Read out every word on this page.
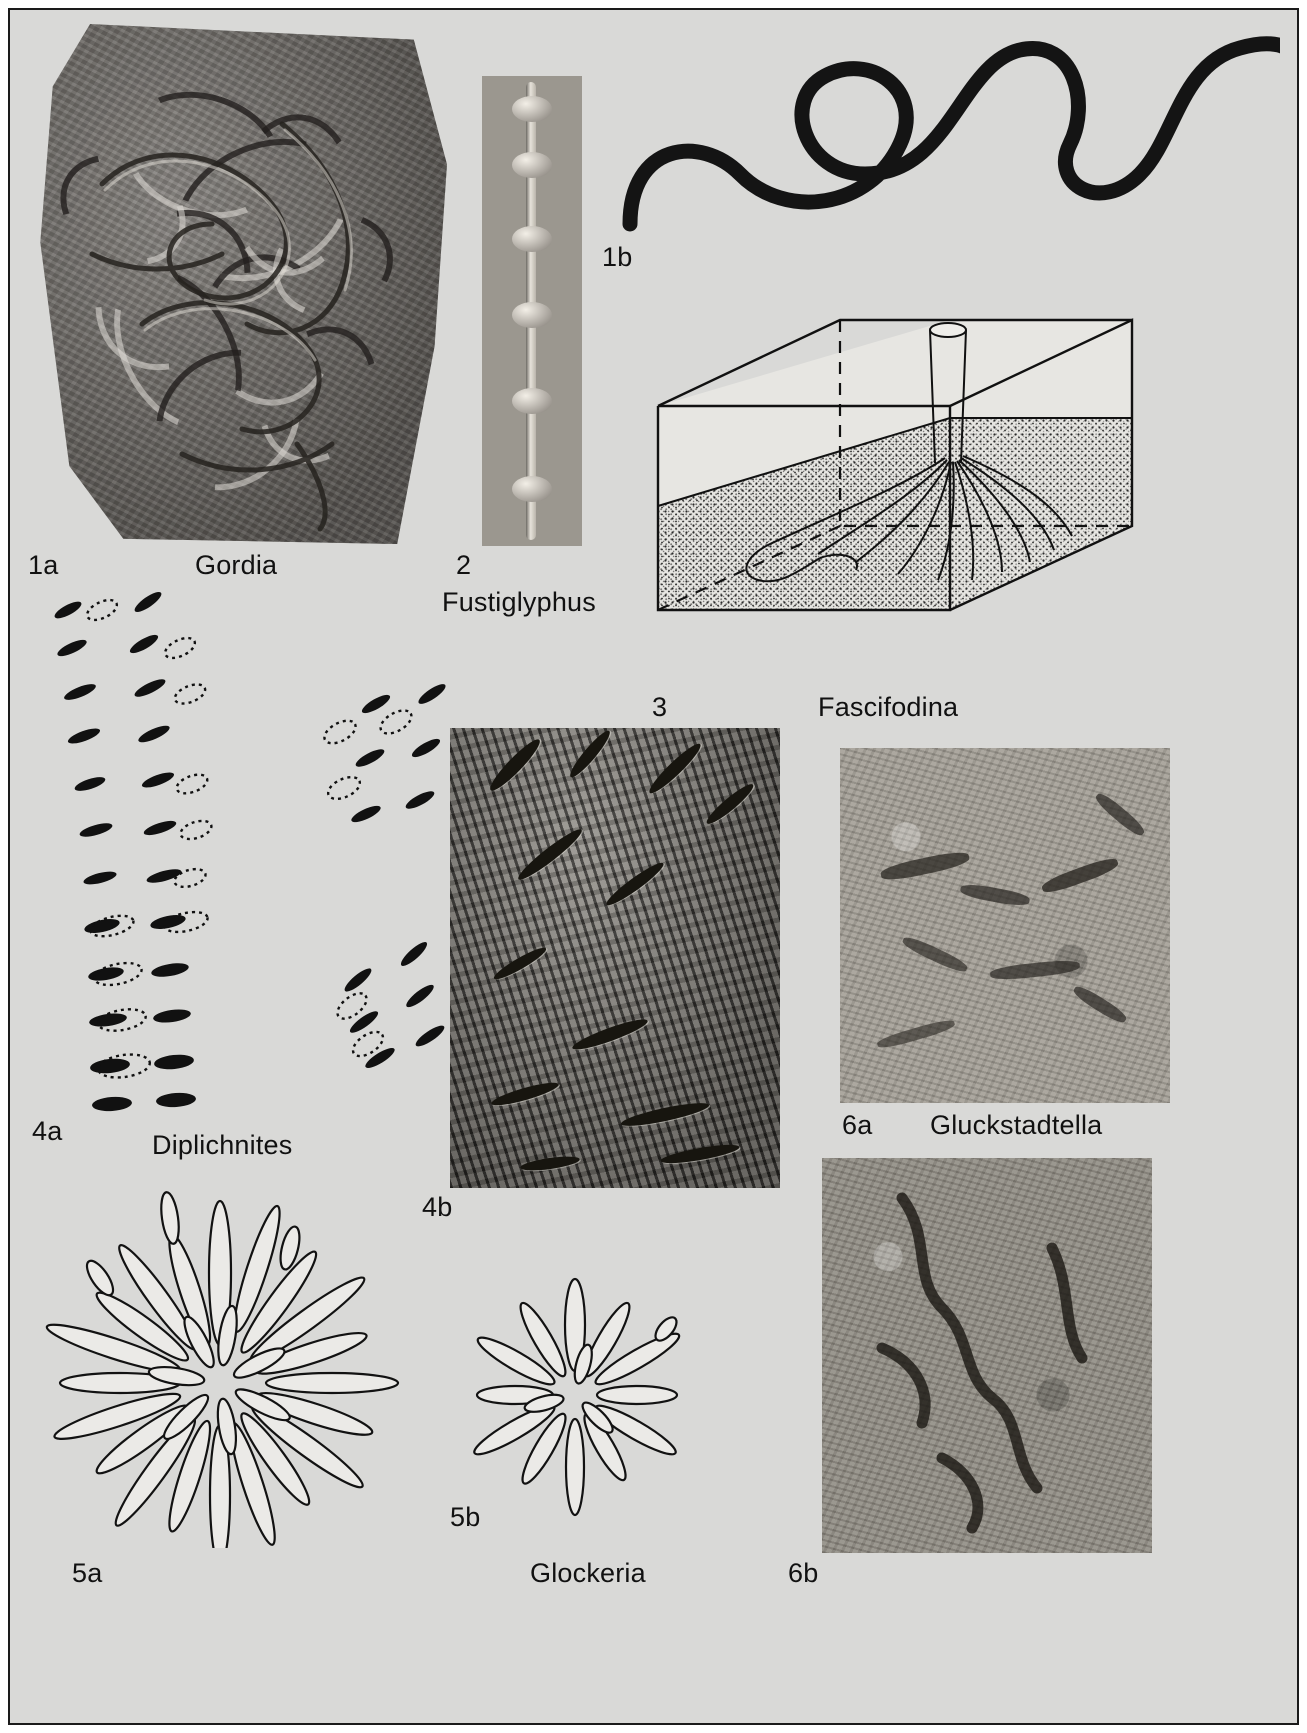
1a	Gordia	2
Fustiglyphus
1b
3	Fascifodina
4a	Diplichnites
4b
6a Gluckstadtella
6b
5a
5b
Glockeria
